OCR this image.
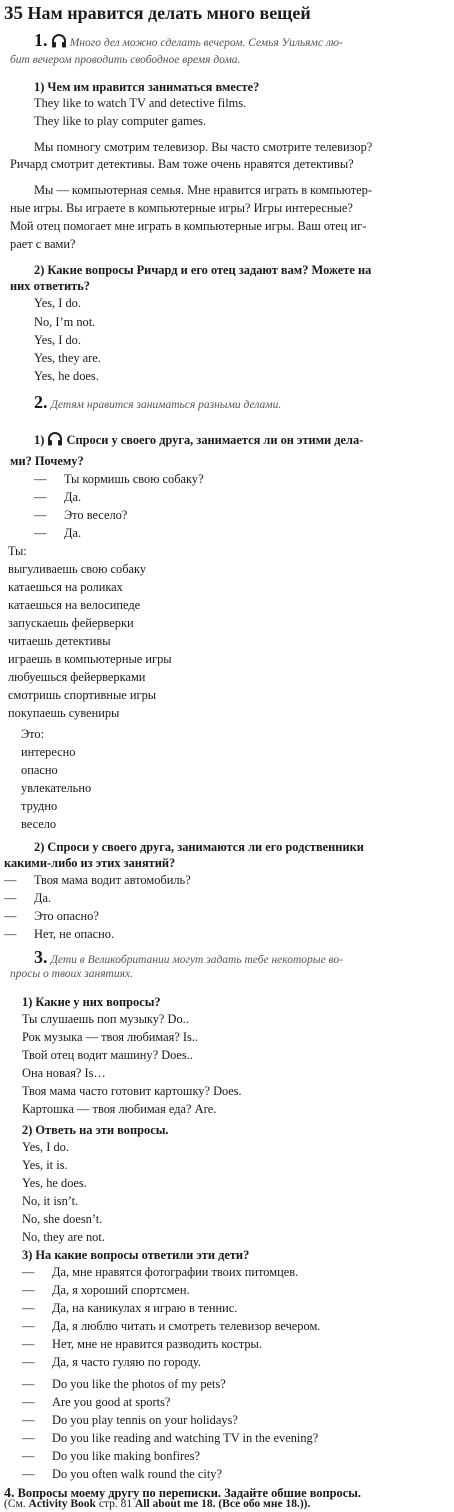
35 Нам нравится делать много вещей
1. Много дел можно сделать вечером. Семья Уильямс лю-
бит вечером проводить свободное время дома.
1) Чем им нравится заниматься вместе?
They like to watch TV and detective films.
They like to play computer games.
Мы помногу смотрим телевизор. Вы часто смотрите телевизор?
Ричард смотрит детективы. Вам тоже очень нравятся детективы?
Мы — компьютерная семья. Мне нравится играть в компьютер-
ные игры. Вы играете в компьютерные игры? Игры интересные?
Мой отец помогает мне играть в компьютерные игры. Ваш отец иг-
рает с вами?
2) Какие вопросы Ричард и его отец задают вам? Можете на
них ответить?
Yes, I do.
No, I’m not.
Yes, I do.
Yes, they are.
Yes, he does.
2. Детям нравится заниматься разными делами.
1) Спроси у своего друга, занимается ли он этими дела-
ми? Почему?
— Ты кормишь свою собаку?
— Да.
— Это весело?
— Да.
Ты:
выгуливаешь свою собаку
катаешься на роликах
катаешься на велосипеде
запускаешь фейерверки
читаешь детективы
играешь в компьютерные игры
любуешься фейерверками
смотришь спортивные игры
покупаешь сувениры
Это:
интересно
опасно
увлекательно
трудно
весело
2) Спроси у своего друга, занимаются ли его родственники
какими-либо из этих занятий?
— Твоя мама водит автомобиль?
— Да.
— Это опасно?
— Нет, не опасно.
3. Дети в Великобритании могут задать тебе некоторые во-
просы о твоих занятиях.
1) Какие у них вопросы?
Ты слушаешь поп музыку? Do..
Рок музыка — твоя любимая? Is..
Твой отец водит машину? Does..
Она новая? Is…
Твоя мама часто готовит картошку? Does.
Картошка — твоя любимая еда? Are.
2) Ответь на эти вопросы.
Yes, I do.
Yes, it is.
Yes, he does.
No, it isn’t.
No, she doesn’t.
No, they are not.
3) На какие вопросы ответили эти дети?
— Да, мне нравятся фотографии твоих питомцев.
— Да, я хороший спортсмен.
— Да, на каникулах я играю в теннис.
— Да, я люблю читать и смотреть телевизор вечером.
— Нет, мне не нравится разводить костры.
— Да, я часто гуляю по городу.
— Do you like the photos of my pets?
— Are you good at sports?
— Do you play tennis on your holidays?
— Do you like reading and watching TV in the evening?
— Do you like making bonfires?
— Do you often walk round the city?
4. Вопросы моему другу по переписки. Задайте обшие вопросы.
(См. Activity Book стр. 81 All about me 18. (Все обо мне 18.)).
